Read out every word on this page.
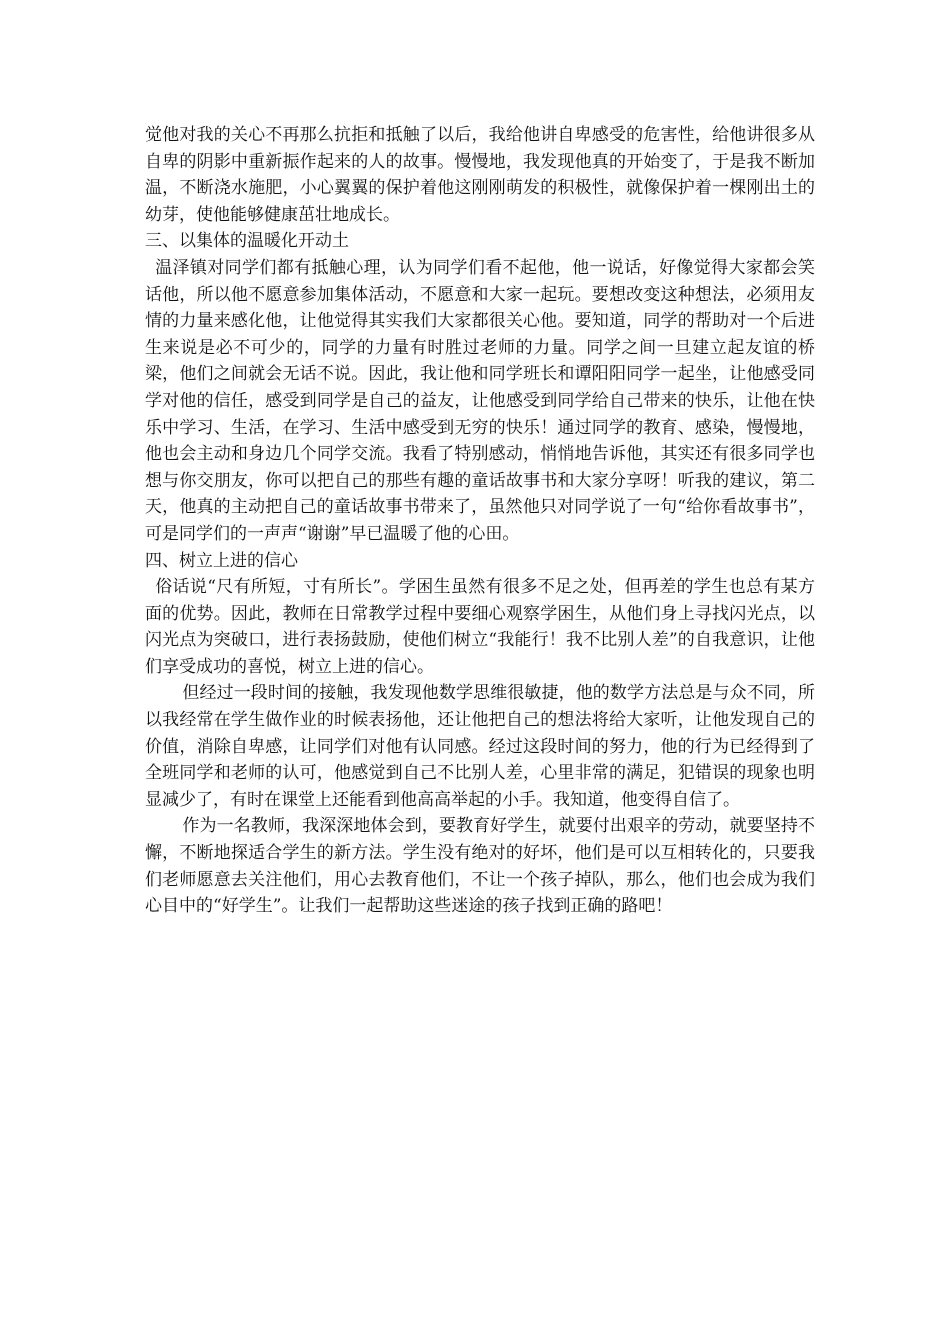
觉他对我的关心不再那么抗拒和抵触了以后，我给他讲自卑感受的危害性，给他讲很多从自卑的阴影中重新振作起来的人的故事。慢慢地，我发现他真的开始变了，于是我不断加温，不断浇水施肥，小心翼翼的保护着他这刚刚萌发的积极性，就像保护着一棵刚出土的幼芽，使他能够健康茁壮地成长。

三、以集体的温暖化开动土

温泽镇对同学们都有抵触心理，认为同学们看不起他，他一说话，好像觉得大家都会笑话他，所以他不愿意参加集体活动，不愿意和大家一起玩。要想改变这种想法，必须用友情的力量来感化他，让他觉得其实我们大家都很关心他。要知道，同学的帮助对一个后进生来说是必不可少的，同学的力量有时胜过老师的力量。同学之间一旦建立起友谊的桥梁，他们之间就会无话不说。因此，我让他和同学班长和谭阳阳同学一起坐，让他感受同学对他的信任，感受到同学是自己的益友，让他感受到同学给自己带来的快乐，让他在快乐中学习、生活，在学习、生活中感受到无穷的快乐！通过同学的教育、感染，慢慢地，他也会主动和身边几个同学交流。我看了特别感动，悄悄地告诉他，其实还有很多同学也想与你交朋友，你可以把自己的那些有趣的童话故事书和大家分享呀！听我的建议，第二天，他真的主动把自己的童话故事书带来了，虽然他只对同学说了一句“给你看故事书”，可是同学们的一声声“谢谢”早已温暖了他的心田。

四、树立上进的信心

俗话说“尺有所短，寸有所长”。学困生虽然有很多不足之处，但再差的学生也总有某方面的优势。因此，教师在日常教学过程中要细心观察学困生，从他们身上寻找闪光点，以闪光点为突破口，进行表扬鼓励，使他们树立“我能行！我不比别人差”的自我意识，让他们享受成功的喜悦，树立上进的信心。

但经过一段时间的接触，我发现他数学思维很敏捷，他的数学方法总是与众不同，所以我经常在学生做作业的时候表扬他，还让他把自己的想法将给大家听，让他发现自己的价值，消除自卑感，让同学们对他有认同感。经过这段时间的努力，他的行为已经得到了全班同学和老师的认可，他感觉到自己不比别人差，心里非常的满足，犯错误的现象也明显减少了，有时在课堂上还能看到他高高举起的小手。我知道，他变得自信了。

作为一名教师，我深深地体会到，要教育好学生，就要付出艰辛的劳动，就要坚持不懈，不断地探适合学生的新方法。学生没有绝对的好坏，他们是可以互相转化的，只要我们老师愿意去关注他们，用心去教育他们，不让一个孩子掉队，那么，他们也会成为我们心目中的“好学生”。让我们一起帮助这些迷途的孩子找到正确的路吧！
